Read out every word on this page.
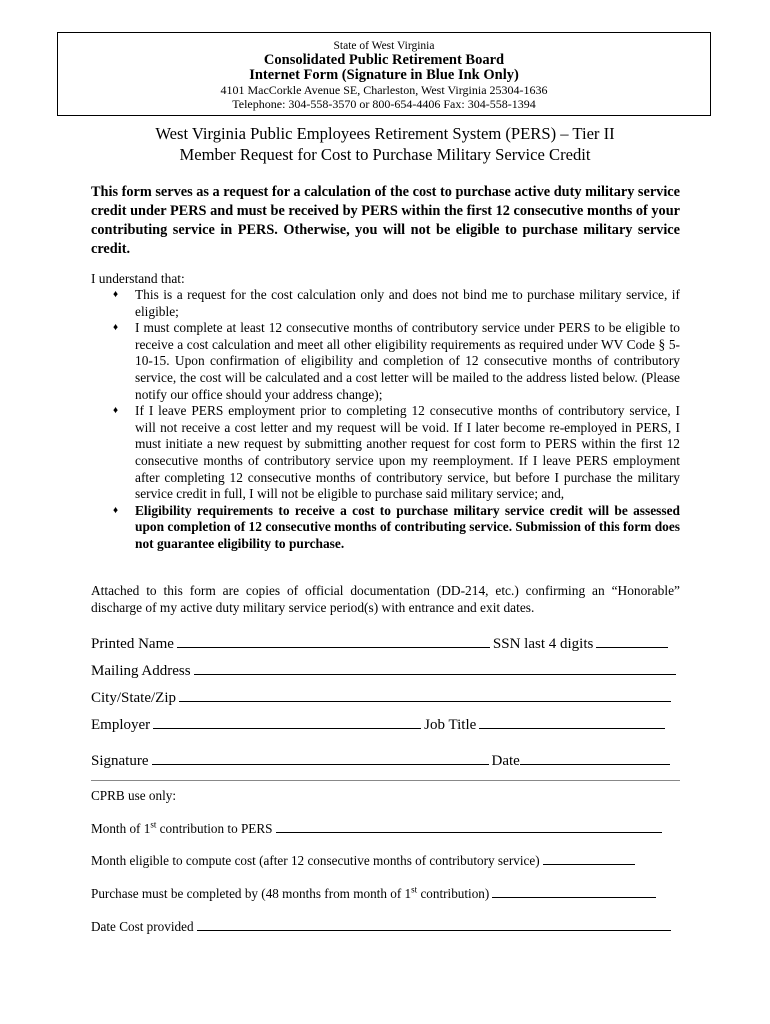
State of West Virginia
Consolidated Public Retirement Board
Internet Form (Signature in Blue Ink Only)
4101 MacCorkle Avenue SE, Charleston, West Virginia 25304-1636
Telephone: 304-558-3570 or 800-654-4406 Fax: 304-558-1394
West Virginia Public Employees Retirement System (PERS) – Tier II
Member Request for Cost to Purchase Military Service Credit
This form serves as a request for a calculation of the cost to purchase active duty military service credit under PERS and must be received by PERS within the first 12 consecutive months of your contributing service in PERS. Otherwise, you will not be eligible to purchase military service credit.
I understand that:
♦ This is a request for the cost calculation only and does not bind me to purchase military service, if eligible;
♦ I must complete at least 12 consecutive months of contributory service under PERS to be eligible to receive a cost calculation and meet all other eligibility requirements as required under WV Code § 5-10-15. Upon confirmation of eligibility and completion of 12 consecutive months of contributory service, the cost will be calculated and a cost letter will be mailed to the address listed below. (Please notify our office should your address change);
♦ If I leave PERS employment prior to completing 12 consecutive months of contributory service, I will not receive a cost letter and my request will be void. If I later become re-employed in PERS, I must initiate a new request by submitting another request for cost form to PERS within the first 12 consecutive months of contributory service upon my reemployment. If I leave PERS employment after completing 12 consecutive months of contributory service, but before I purchase the military service credit in full, I will not be eligible to purchase said military service; and,
♦ Eligibility requirements to receive a cost to purchase military service credit will be assessed upon completion of 12 consecutive months of contributing service. Submission of this form does not guarantee eligibility to purchase.
Attached to this form are copies of official documentation (DD-214, etc.) confirming an “Honorable” discharge of my active duty military service period(s) with entrance and exit dates.
Printed Name	SSN last 4 digits
Mailing Address
City/State/Zip
Employer	Job Title
Signature	Date
CPRB use only:
Month of 1st contribution to PERS
Month eligible to compute cost (after 12 consecutive months of contributory service)
Purchase must be completed by (48 months from month of 1st contribution)
Date Cost provided
